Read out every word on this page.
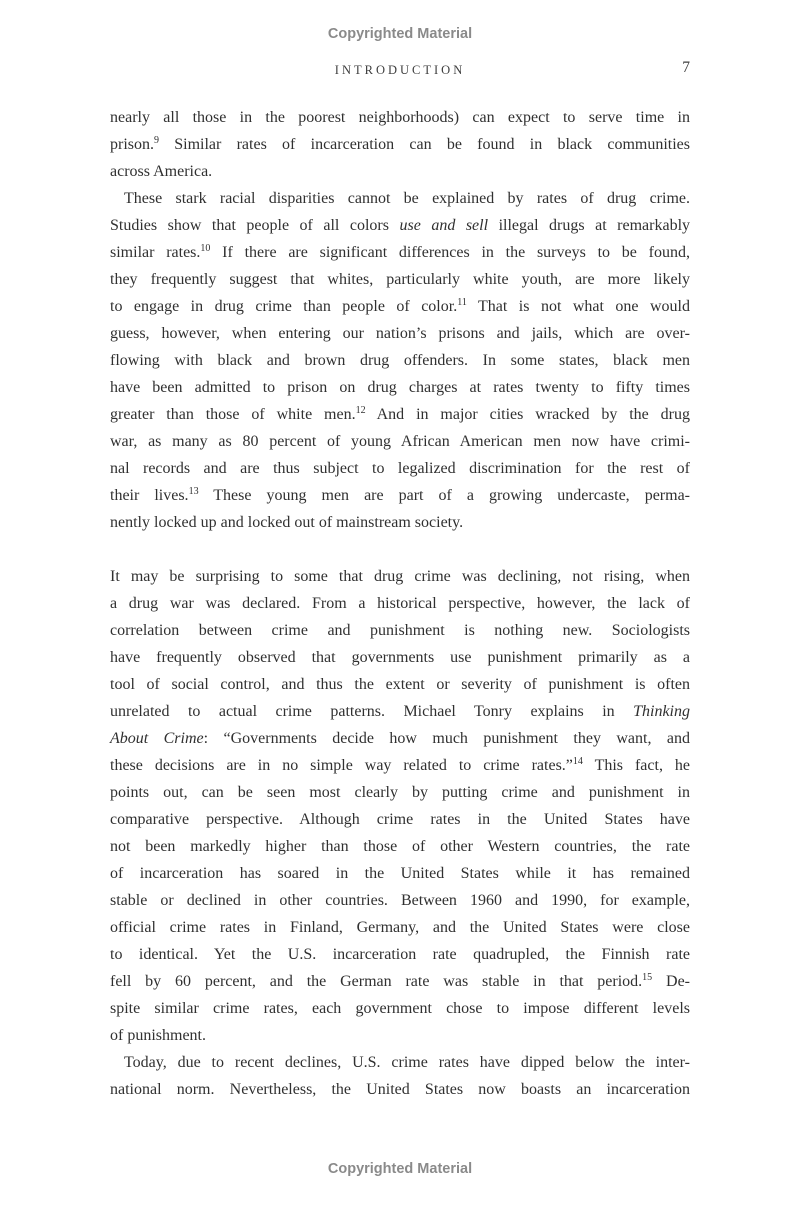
Copyrighted Material
INTRODUCTION	7
nearly all those in the poorest neighborhoods) can expect to serve time in
prison.$^9$ Similar rates of incarceration can be found in black communities
across America.
These stark racial disparities cannot be explained by rates of drug crime.
Studies show that people of all colors use and sell illegal drugs at remarkably
similar rates.$^{10}$ If there are significant differences in the surveys to be found,
they frequently suggest that whites, particularly white youth, are more likely
to engage in drug crime than people of color.$^{11}$ That is not what one would
guess, however, when entering our nation’s prisons and jails, which are over-
flowing with black and brown drug offenders. In some states, black men
have been admitted to prison on drug charges at rates twenty to fifty times
greater than those of white men.$^{12}$ And in major cities wracked by the drug
war, as many as 80 percent of young African American men now have crimi-
nal records and are thus subject to legalized discrimination for the rest of
their lives.$^{13}$ These young men are part of a growing undercaste, perma-
nently locked up and locked out of mainstream society.
It may be surprising to some that drug crime was declining, not rising, when
a drug war was declared. From a historical perspective, however, the lack of
correlation between crime and punishment is nothing new. Sociologists
have frequently observed that governments use punishment primarily as a
tool of social control, and thus the extent or severity of punishment is often
unrelated to actual crime patterns. Michael Tonry explains in Thinking
About Crime: “Governments decide how much punishment they want, and
these decisions are in no simple way related to crime rates.”$^{14}$ This fact, he
points out, can be seen most clearly by putting crime and punishment in
comparative perspective. Although crime rates in the United States have
not been markedly higher than those of other Western countries, the rate
of incarceration has soared in the United States while it has remained
stable or declined in other countries. Between 1960 and 1990, for example,
official crime rates in Finland, Germany, and the United States were close
to identical. Yet the U.S. incarceration rate quadrupled, the Finnish rate
fell by 60 percent, and the German rate was stable in that period.$^{15}$ De-
spite similar crime rates, each government chose to impose different levels
of punishment.
Today, due to recent declines, U.S. crime rates have dipped below the inter-
national norm. Nevertheless, the United States now boasts an incarceration
Copyrighted Material
